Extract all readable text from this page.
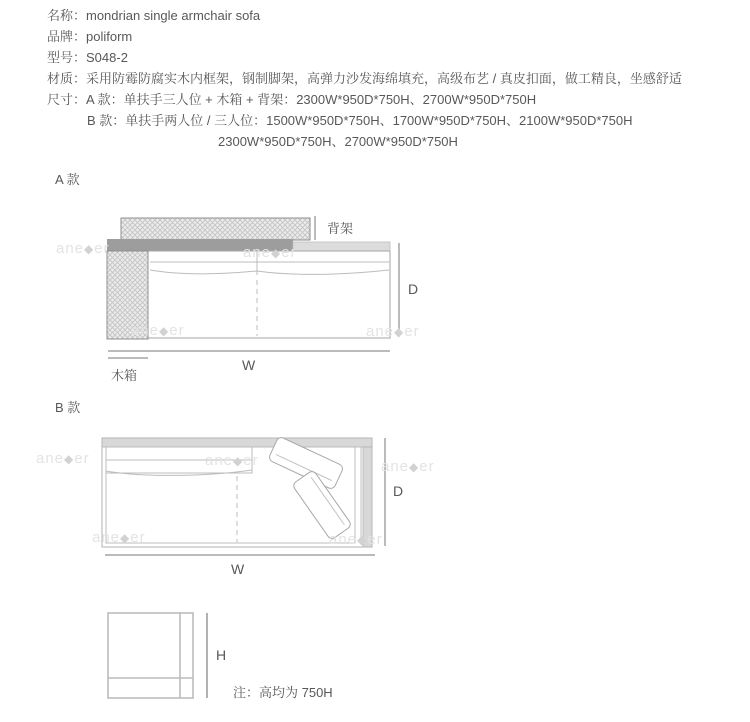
名称：mondrian single armchair sofa
品牌：poliform
型号：S048-2
材质：采用防霉防腐实木内框架，钢制脚架，高弹力沙发海绵填充，高级布艺 / 真皮扣面，做工精良，坐感舒适
尺寸：A 款：单扶手三人位 + 木箱 + 背架：2300W*950D*750H、2700W*950D*750H
B 款：单扶手两人位 / 三人位：1500W*950D*750H、1700W*950D*750H、2100W*950D*750H
2300W*950D*750H、2700W*950D*750H
A 款
B 款
背架
D
W
木箱
D
W
H
注：高均为 750H
ane◆er	ane◆er
ane◆er	ane◆er
ane◆er	ane◆er	ane◆er
ane◆er	ane◆er
